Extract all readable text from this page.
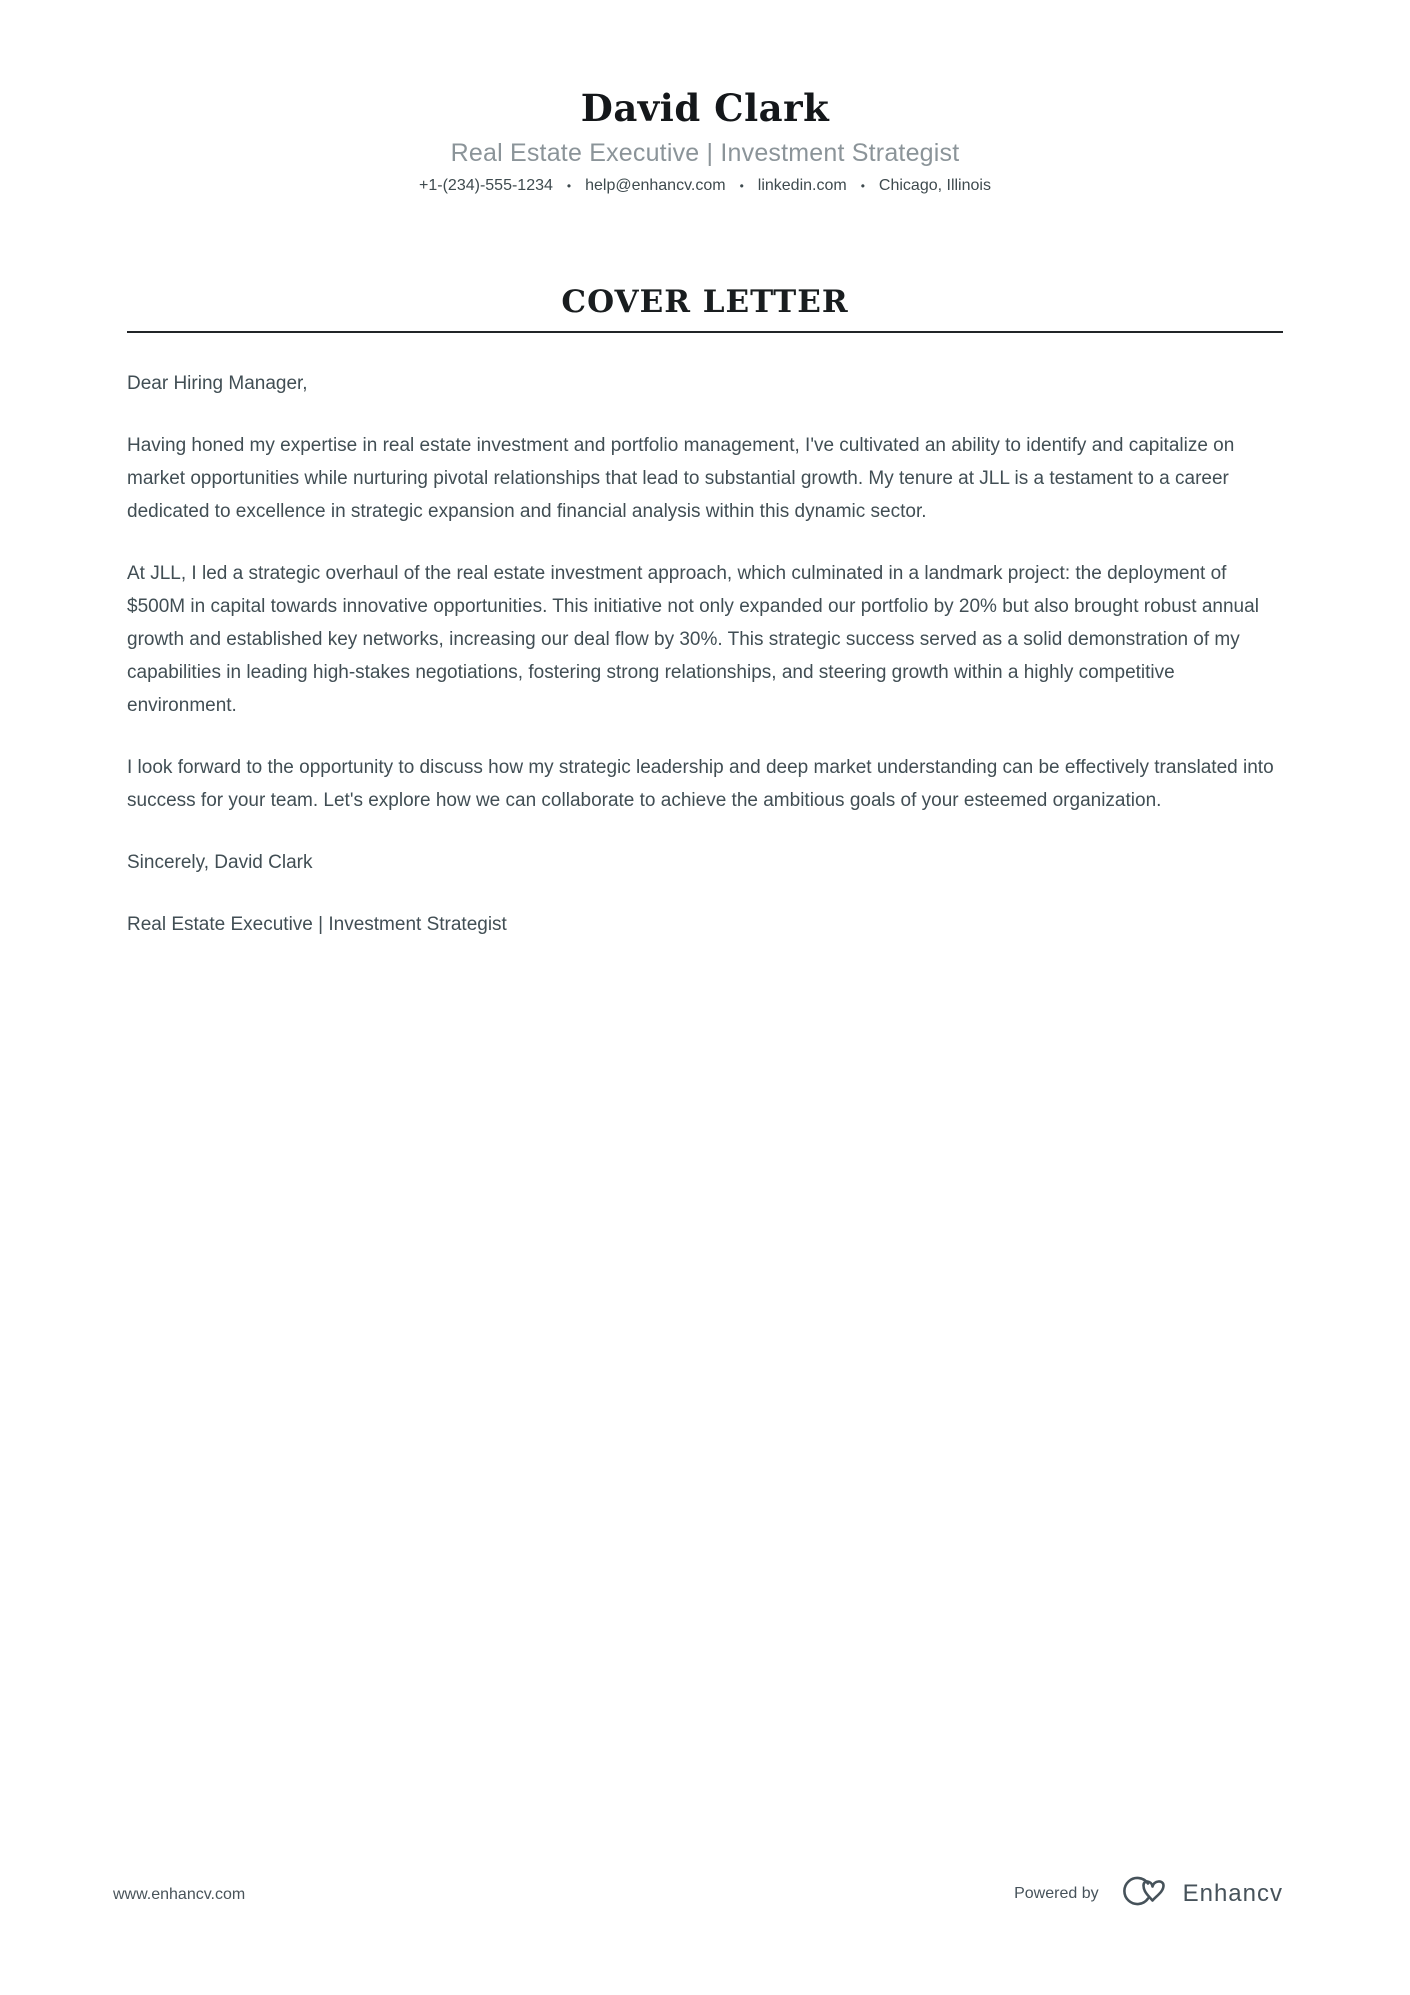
David Clark
Real Estate Executive | Investment Strategist
+1-(234)-555-1234 • help@enhancv.com • linkedin.com • Chicago, Illinois
COVER LETTER

Dear Hiring Manager,

Having honed my expertise in real estate investment and portfolio management, I've cultivated an ability to identify and capitalize on market opportunities while nurturing pivotal relationships that lead to substantial growth. My tenure at JLL is a testament to a career dedicated to excellence in strategic expansion and financial analysis within this dynamic sector.

At JLL, I led a strategic overhaul of the real estate investment approach, which culminated in a landmark project: the deployment of $500M in capital towards innovative opportunities. This initiative not only expanded our portfolio by 20% but also brought robust annual growth and established key networks, increasing our deal flow by 30%. This strategic success served as a solid demonstration of my capabilities in leading high-stakes negotiations, fostering strong relationships, and steering growth within a highly competitive environment.

I look forward to the opportunity to discuss how my strategic leadership and deep market understanding can be effectively translated into success for your team. Let's explore how we can collaborate to achieve the ambitious goals of your esteemed organization.

Sincerely, David Clark

Real Estate Executive | Investment Strategist

www.enhancv.com	Powered by	Enhancv
